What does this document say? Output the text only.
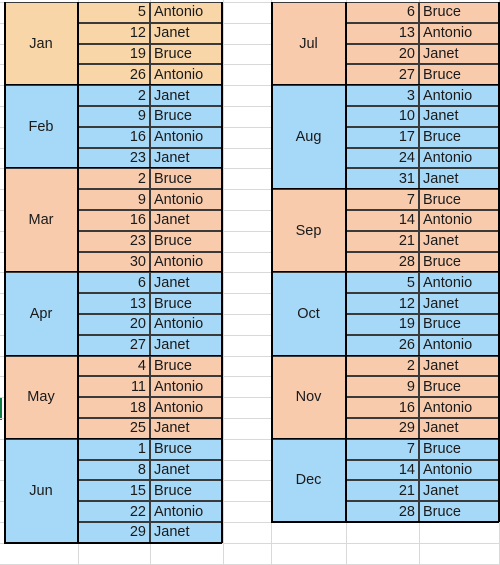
Jan
5 Antonio
12 Janet
19 Bruce
26 Antonio
Feb
2 Janet
9 Bruce
16 Antonio
23 Janet
Mar
2 Bruce
9 Antonio
16 Janet
23 Bruce
30 Antonio
Apr
6 Janet
13 Bruce
20 Antonio
27 Janet
May
4 Bruce
11 Antonio
18 Antonio
25 Janet
Jun
1 Bruce
8 Janet
15 Bruce
22 Antonio
29 Janet
Jul
6 Bruce
13 Antonio
20 Janet
27 Bruce
Aug
3 Antonio
10 Janet
17 Bruce
24 Antonio
31 Janet
Sep
7 Bruce
14 Antonio
21 Janet
28 Bruce
Oct
5 Antonio
12 Janet
19 Bruce
26 Antonio
Nov
2 Janet
9 Bruce
16 Antonio
29 Janet
Dec
7 Bruce
14 Antonio
21 Janet
28 Bruce
